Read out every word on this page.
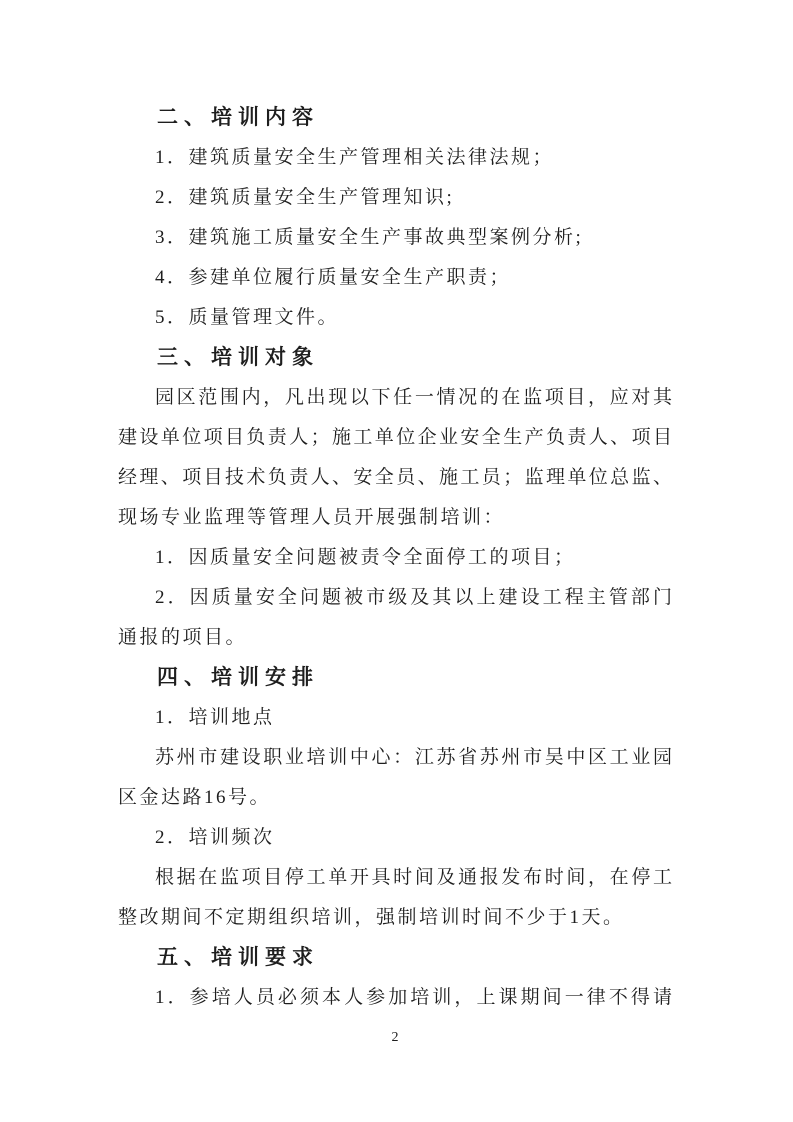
二、培训内容
1．建筑质量安全生产管理相关法律法规；
2．建筑质量安全生产管理知识;
3．建筑施工质量安全生产事故典型案例分析;
4．参建单位履行质量安全生产职责；
5．质量管理文件。
三、培训对象
园区范围内，凡出现以下任一情况的在监项目，应对其
建设单位项目负责人；施工单位企业安全生产负责人、项目
经理、项目技术负责人、安全员、施工员；监理单位总监、
现场专业监理等管理人员开展强制培训：
1．因质量安全问题被责令全面停工的项目；
2．因质量安全问题被市级及其以上建设工程主管部门
通报的项目。
四、培训安排
1．培训地点
苏州市建设职业培训中心：江苏省苏州市吴中区工业园
区金达路16号。
2．培训频次
根据在监项目停工单开具时间及通报发布时间，在停工
整改期间不定期组织培训，强制培训时间不少于1天。
五、培训要求
1．参培人员必须本人参加培训，上课期间一律不得请
2
